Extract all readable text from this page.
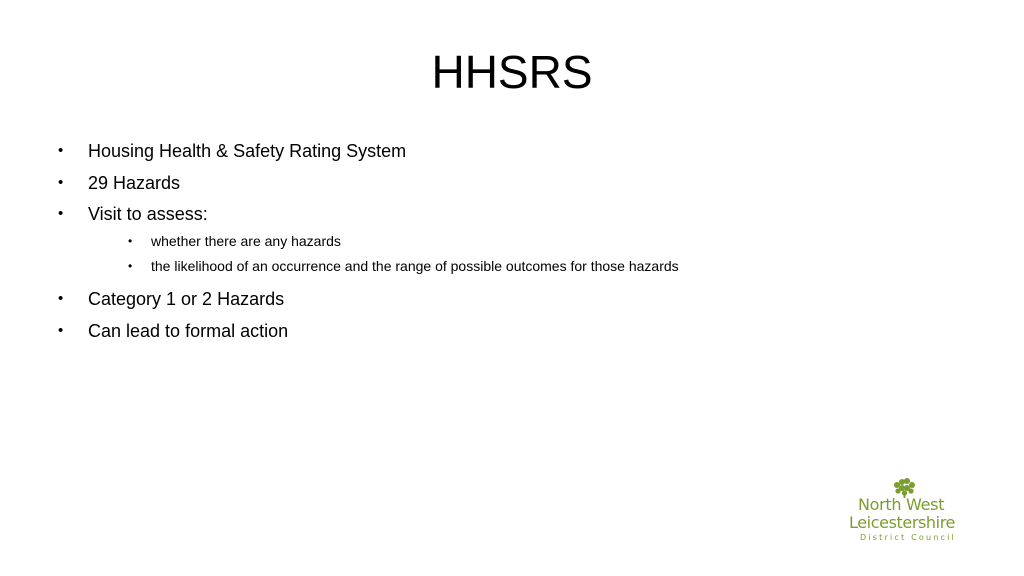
HHSRS
• Housing Health & Safety Rating System
• 29 Hazards
• Visit to assess:
• whether there are any hazards
• the likelihood of an occurrence and the range of possible outcomes for those hazards
• Category 1 or 2 Hazards
• Can lead to formal action
North West
Leicestershire
District Council
